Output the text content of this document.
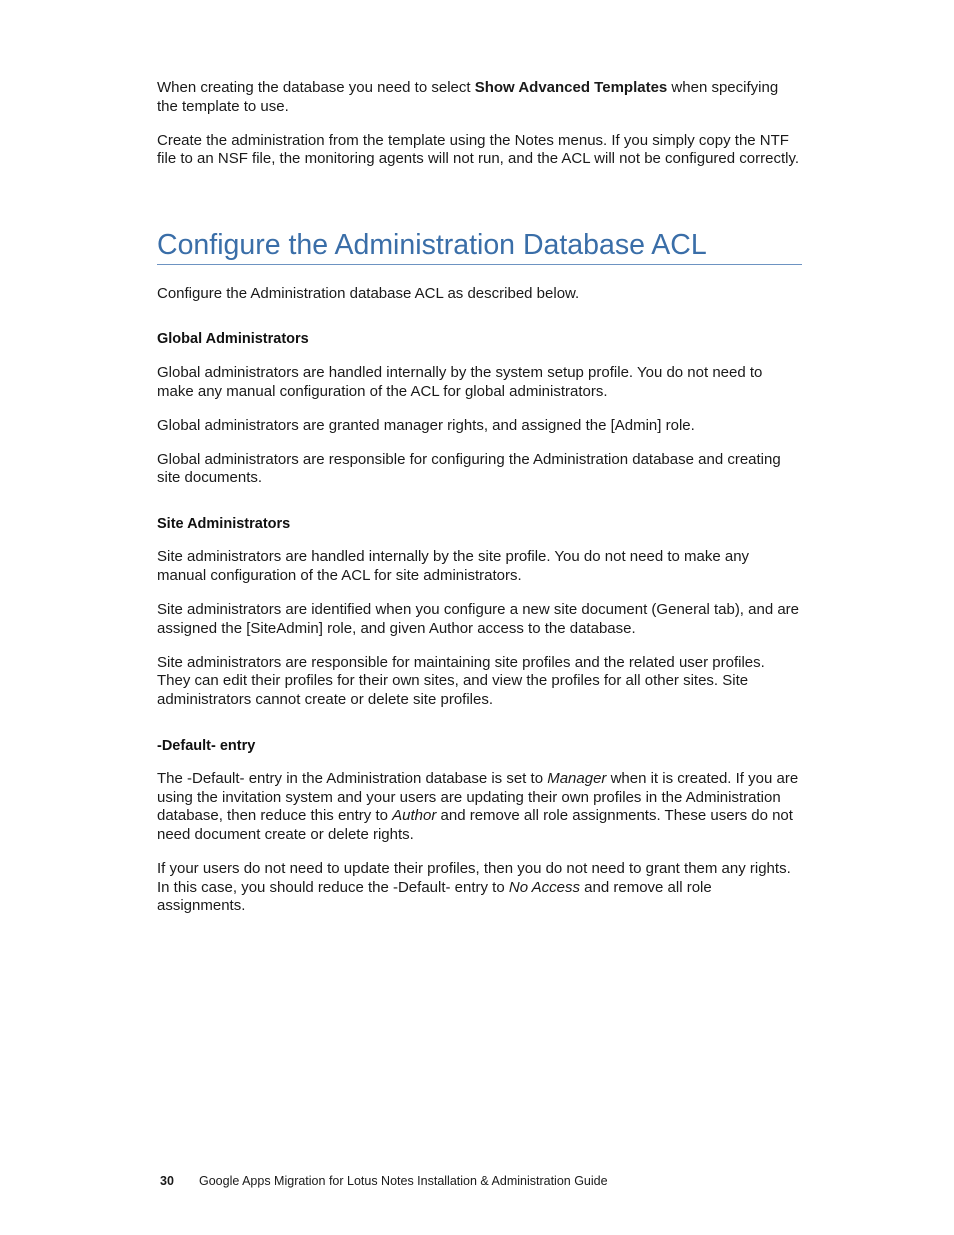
When creating the database you need to select Show Advanced Templates when specifying the template to use.

Create the administration from the template using the Notes menus. If you simply copy the NTF file to an NSF file, the monitoring agents will not run, and the ACL will not be configured correctly.

Configure the Administration Database ACL

Configure the Administration database ACL as described below.

Global Administrators

Global administrators are handled internally by the system setup profile. You do not need to make any manual configuration of the ACL for global administrators.

Global administrators are granted manager rights, and assigned the [Admin] role.

Global administrators are responsible for configuring the Administration database and creating site documents.

Site Administrators

Site administrators are handled internally by the site profile. You do not need to make any manual configuration of the ACL for site administrators.

Site administrators are identified when you configure a new site document (General tab), and are assigned the [SiteAdmin] role, and given Author access to the database.

Site administrators are responsible for maintaining site profiles and the related user profiles. They can edit their profiles for their own sites, and view the profiles for all other sites. Site administrators cannot create or delete site profiles.

-Default- entry

The -Default- entry in the Administration database is set to Manager when it is created. If you are using the invitation system and your users are updating their own profiles in the Administration database, then reduce this entry to Author and remove all role assignments. These users do not need document create or delete rights.

If your users do not need to update their profiles, then you do not need to grant them any rights. In this case, you should reduce the -Default- entry to No Access and remove all role assignments.

30 Google Apps Migration for Lotus Notes Installation & Administration Guide
